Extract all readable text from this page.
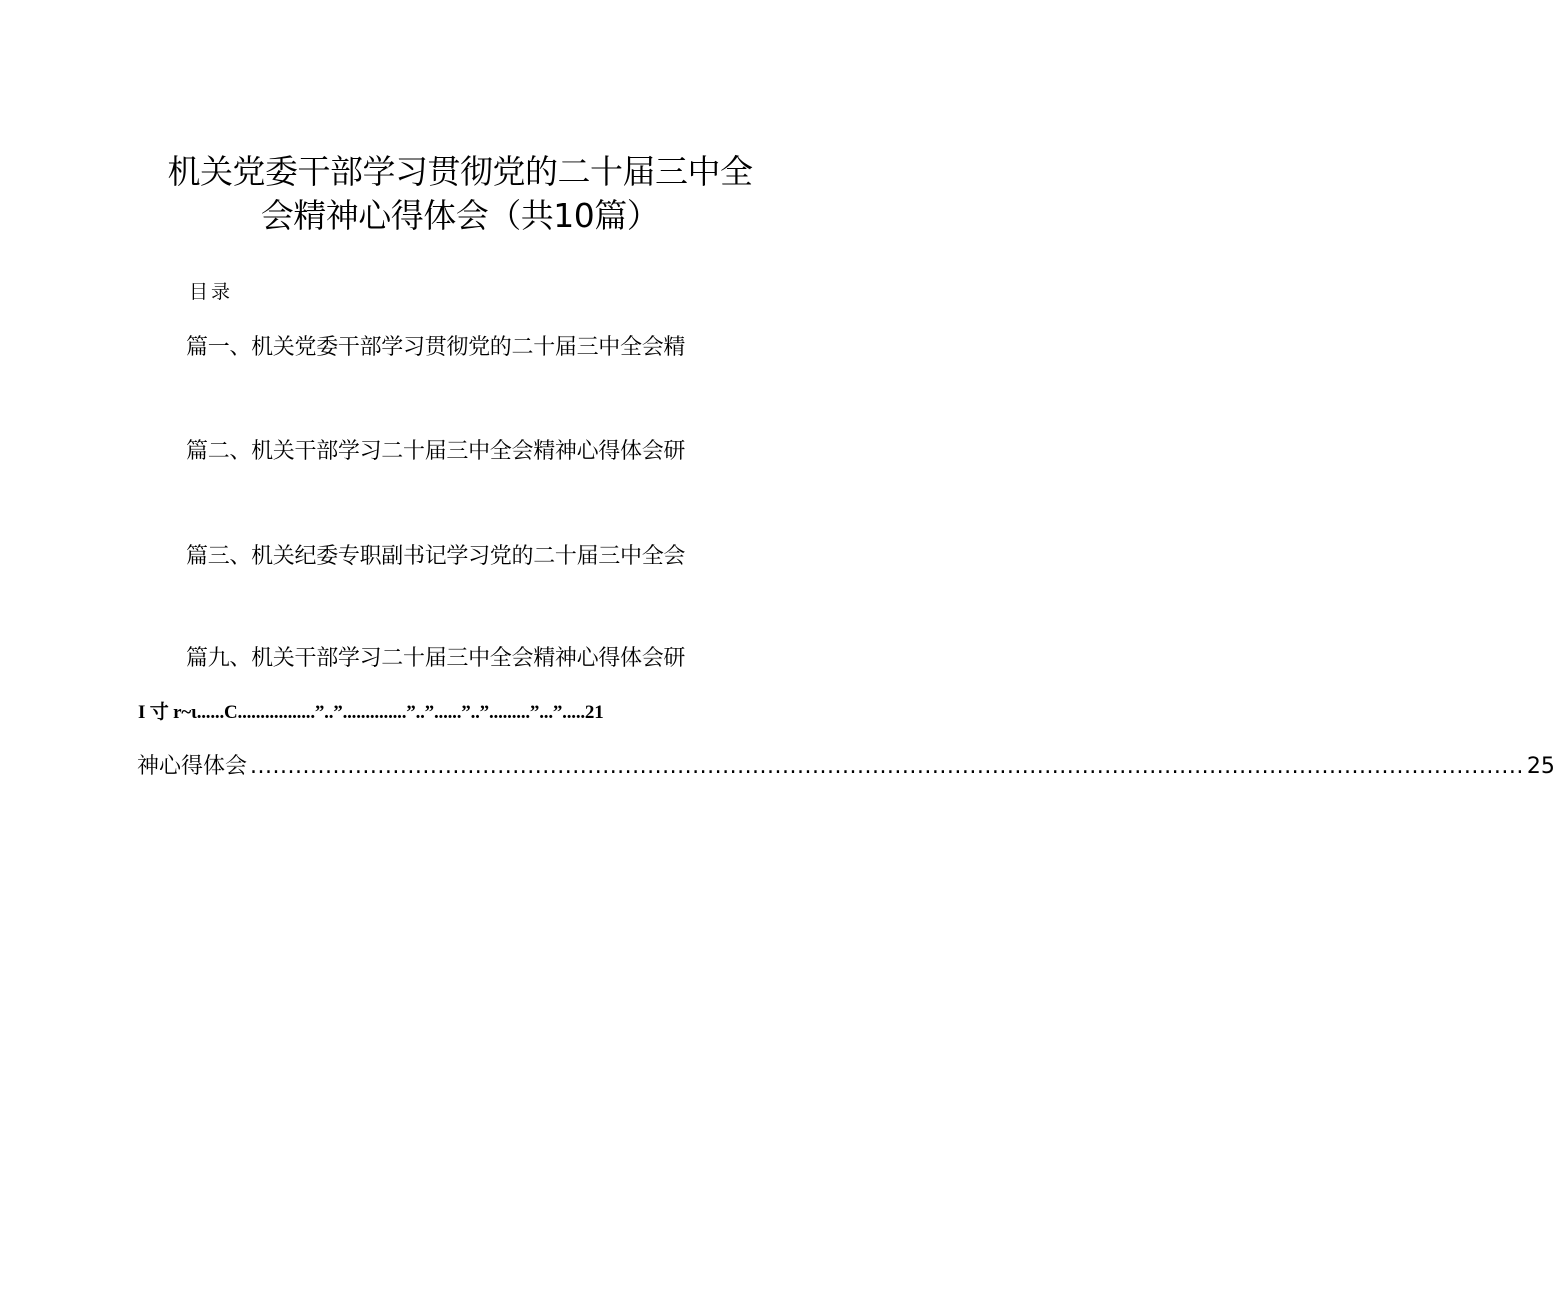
机关党委干部学习贯彻党的二十届三中全
会精神心得体会（共10篇）
目录
篇一、机关党委干部学习贯彻党的二十届三中全会精
篇二、机关干部学习二十届三中全会精神心得体会研
篇三、机关纪委专职副书记学习党的二十届三中全会
篇九、机关干部学习二十届三中全会精神心得体会研
I 寸 r~ι......C.................”..”..............”..”......”..”.........”...”.....21
神心得体会 .......................................................................................................................................................................... 25
